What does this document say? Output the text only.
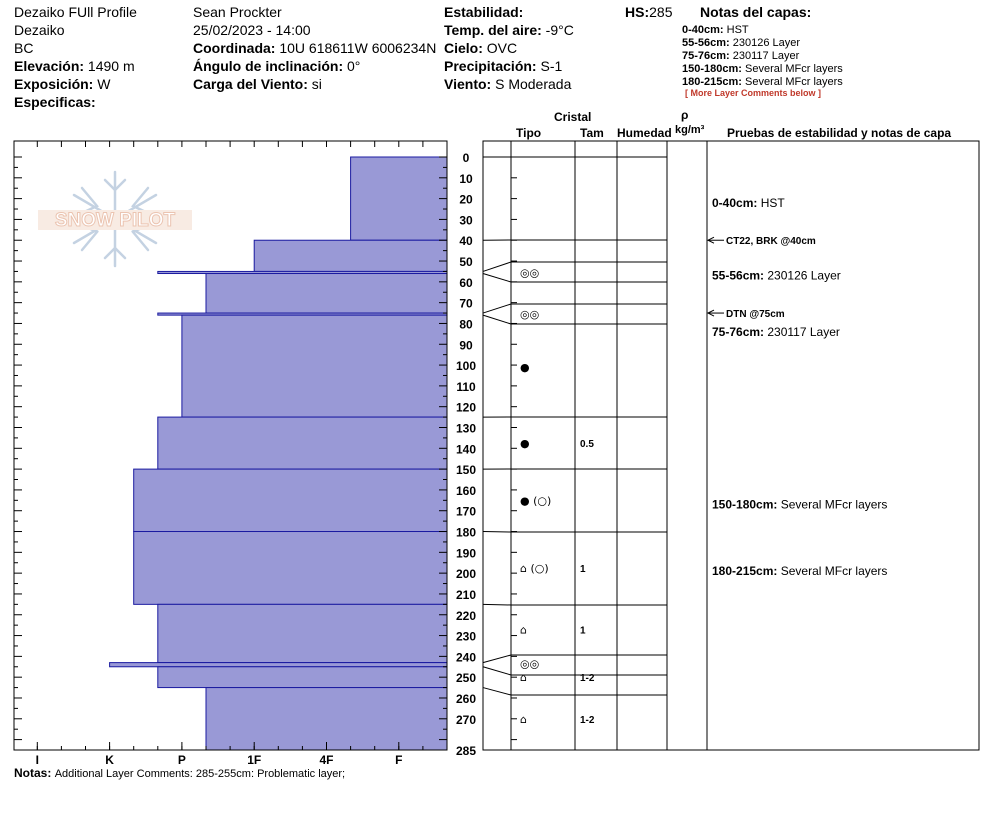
Dezaiko FUll Profile
Dezaiko
BC
Elevación: 1490 m
Exposición: W
Especificas:
Sean Prockter
25/02/2023 - 14:00
Coordinada: 10U 618611W 6006234N
Ángulo de inclinación: 0°
Carga del Viento: si
Estabilidad:
Temp. del aire: -9°C
Cielo: OVC
Precipitación: S-1
Viento: S Moderada
HS:285 Notas del capas:
0-40cm: HST
55-56cm: 230126 Layer
75-76cm: 230117 Layer
150-180cm: Several MFcr layers
180-215cm: Several MFcr layers
[ More Layer Comments below ]
Cristal
Tipo	Tam Humedad
ρ
kg/m³ Pruebas de estabilidad y notas de capa
SNOW PILOT
I	K	P	1F	4F	F
0
10
20
30
40
50
60
70
80
90
100
110
120
130
140
150
160
170
180
190
200
210
220
230
240
250
260
270
285
◎◎
◎◎
●
●	0.5
● (○)
⌂ (○)	1
⌂	1
◎◎
⌂	1-2
⌂	1-2
CT22, BRK @40cm
DTN @75cm
0-40cm: HST
55-56cm: 230126 Layer
75-76cm: 230117 Layer
150-180cm: Several MFcr layers
180-215cm: Several MFcr layers
Notas: Additional Layer Comments: 285-255cm: Problematic layer;
